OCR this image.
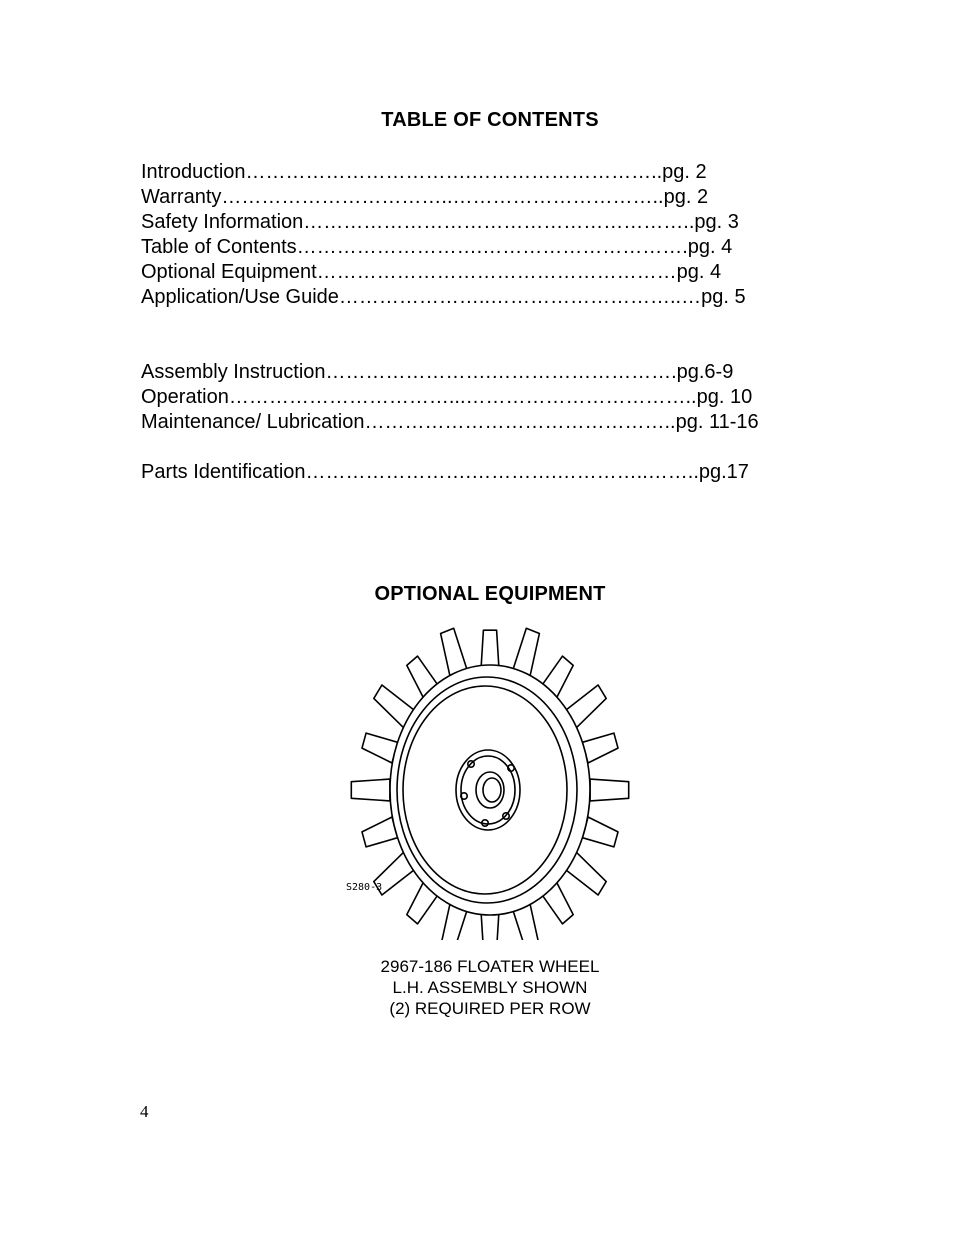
TABLE OF CONTENTS
Introduction…………………………….………………………..pg. 2
Warranty……………………………..…………………………..pg. 2
Safety Information…………………………………………………..pg. 3
Table of Contents……………………….………………………….pg. 4
Optional Equipment………………………………………………pg. 4
Application/Use Guide…………………..………………………..…pg. 5
Assembly Instruction…………………….……………………….pg.6-9
Operation……………………………...……………………………..pg. 10
Maintenance/ Lubrication………………………………………..pg. 11-16
Parts Identification…………………….………….…………..……..pg.17
OPTIONAL EQUIPMENT
S280-3
2967-186 FLOATER WHEEL
L.H. ASSEMBLY SHOWN
(2) REQUIRED PER ROW
4
